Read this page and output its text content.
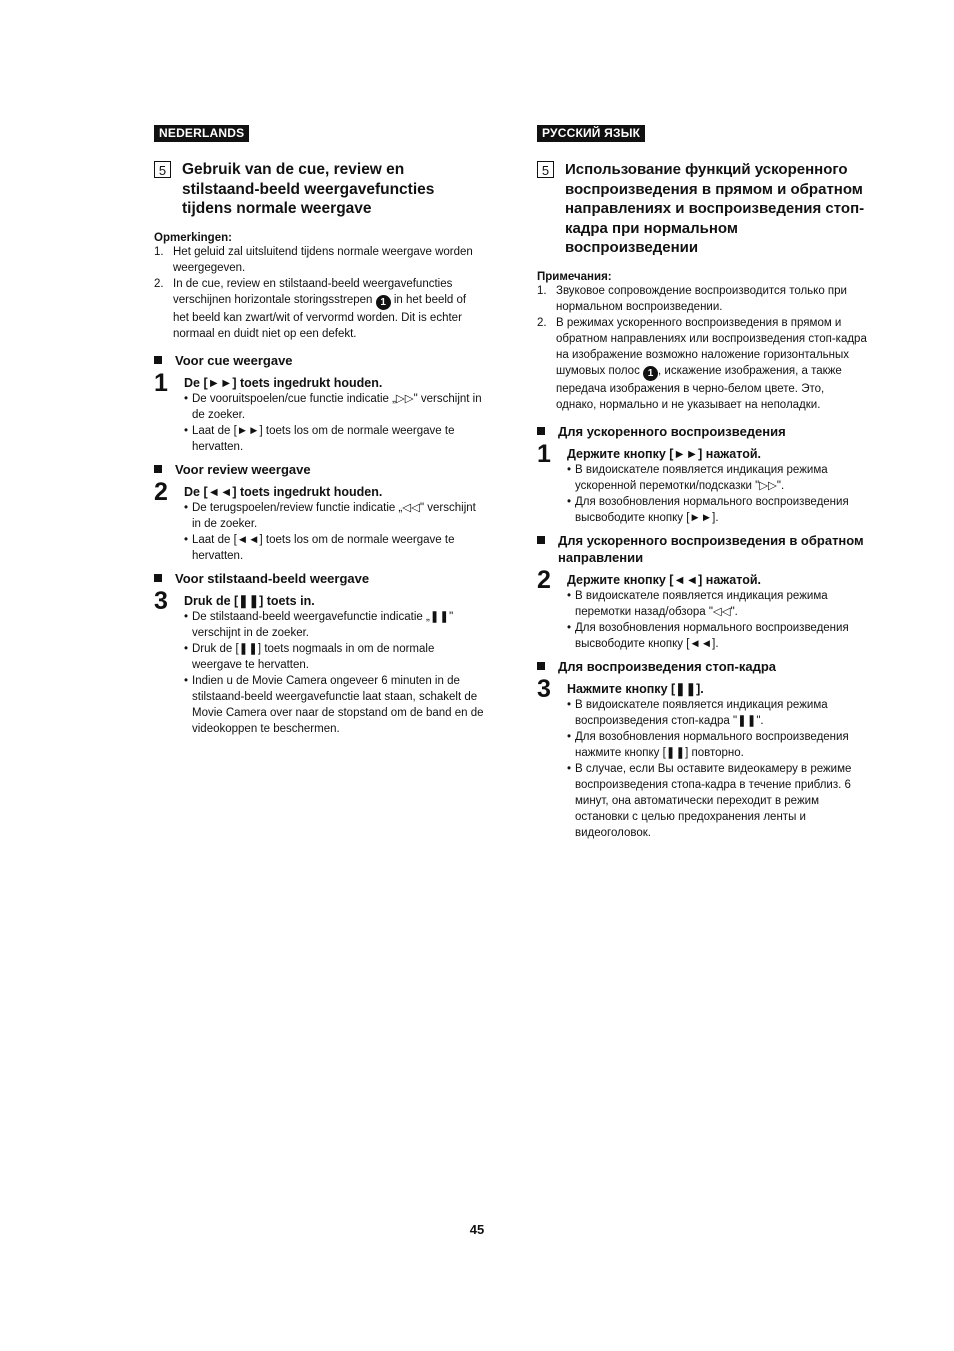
NEDERLANDS
5	Gebruik van de cue, review en stilstaand-beeld weergavefuncties tijdens normale weergave
Opmerkingen:
1. Het geluid zal uitsluitend tijdens normale weergave worden weergegeven.
2. In de cue, review en stilstaand-beeld weergavefuncties verschijnen horizontale storingsstrepen 1 in het beeld of het beeld kan zwart/wit of vervormd worden. Dit is echter normaal en duidt niet op een defekt.
Voor cue weergave
1	De [►►] toets ingedrukt houden.
• De vooruitspoelen/cue functie indicatie „▷▷" verschijnt in de zoeker.
• Laat de [►►] toets los om de normale weergave te hervatten.
Voor review weergave
2	De [◄◄] toets ingedrukt houden.
• De terugspoelen/review functie indicatie „◁◁" verschijnt in de zoeker.
• Laat de [◄◄] toets los om de normale weergave te hervatten.
Voor stilstaand-beeld weergave
3	Druk de [❚❚] toets in.
• De stilstaand-beeld weergavefunctie indicatie „❚❚" verschijnt in de zoeker.
• Druk de [❚❚] toets nogmaals in om de normale weergave te hervatten.
• Indien u de Movie Camera ongeveer 6 minuten in de stilstaand-beeld weergavefunctie laat staan, schakelt de Movie Camera over naar de stopstand om de band en de videokoppen te beschermen.
РУССКИЙ ЯЗЫК
5	Использование функций ускоренного воспроизведения в прямом и обратном направлениях и воспроизведения стоп-кадра при нормальном воспроизведении
Примечания:
1. Звуковое сопровождение воспроизводится только при нормальном воспроизведении.
2. В режимах ускоренного воспроизведения в прямом и обратном направлениях или воспроизведения стоп-кадра на изображение возможно наложение горизонтальных шумовых полос 1 , искажение изображения, а также передача изображения в черно-белом цвете. Это, однако, нормально и не указывает на неполадки.
Для ускоренного воспроизведения
1	Держите кнопку [►►] нажатой.
• В видоискателе появляется индикация режима ускоренной перемотки/подсказки "▷▷".
• Для возобновления нормального воспроизведения высвободите кнопку [►►].
Для ускоренного воспроизведения в обратном направлении
2	Держите кнопку [◄◄] нажатой.
• В видоискателе появляется индикация режима перемотки назад/обзора "◁◁".
• Для возобновления нормального воспроизведения высвободите кнопку [◄◄].
Для воспроизведения стоп-кадра
3	Нажмите кнопку [❚❚].
• В видоискателе появляется индикация режима воспроизведения стоп-кадра "❚❚".
• Для возобновления нормального воспроизведения нажмите кнопку [❚❚] повторно.
• В случае, если Вы оставите видеокамеру в режиме воспроизведения стопа-кадра в течение приблиз. 6 минут, она автоматически переходит в режим остановки с целью предохранения ленты и видеоголовок.
45
